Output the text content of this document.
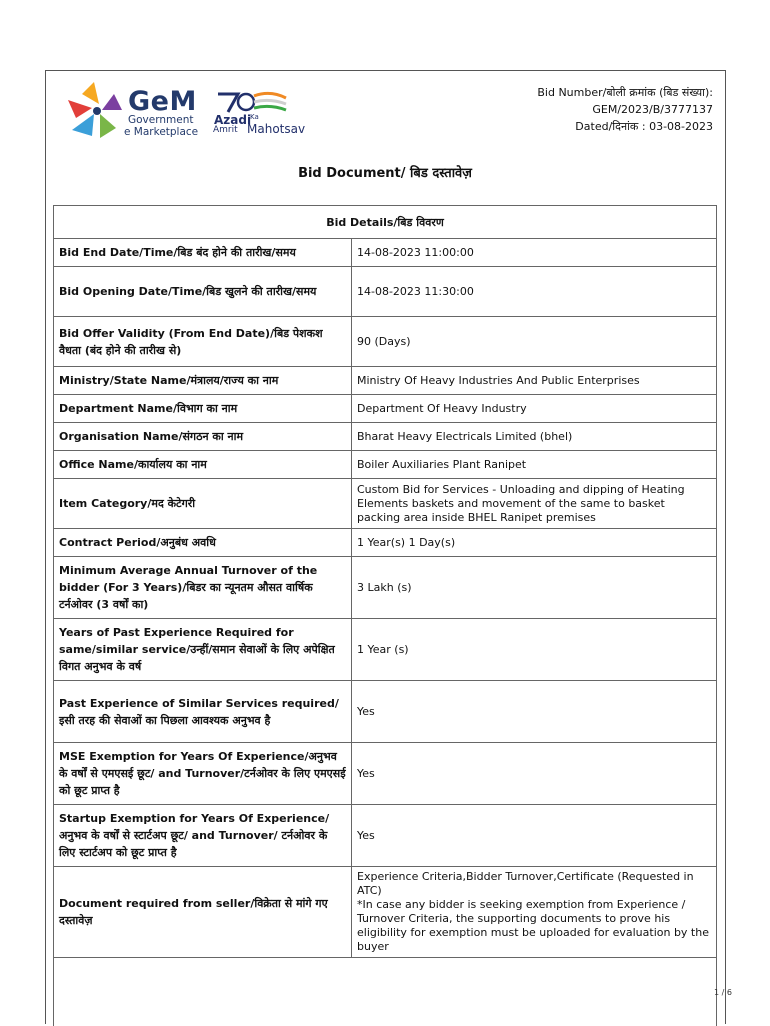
GeM
Government
e Marketplace
Azadi
Ka
Amrit Mahotsav
Bid Number/बोली क्रमांक (बिड संख्या):
GEM/2023/B/3777137
Dated/दिनांक : 03-08-2023
Bid Document/ बिड दस्तावेज़
Bid Details/बिड विवरण	
Bid End Date/Time/बिड बंद होने की तारीख/समय	14-08-2023 11:00:00
Bid Opening Date/Time/बिड खुलने की तारीख/समय	14-08-2023 11:30:00
Bid Offer Validity (From End Date)/बिड पेशकश वैधता (बंद होने की तारीख से)	90 (Days)
Ministry/State Name/मंत्रालय/राज्य का नाम	Ministry Of Heavy Industries And Public Enterprises
Department Name/विभाग का नाम	Department Of Heavy Industry
Organisation Name/संगठन का नाम	Bharat Heavy Electricals Limited (bhel)
Office Name/कार्यालय का नाम	Boiler Auxiliaries Plant Ranipet
Item Category/मद केटेगरी	Custom Bid for Services - Unloading and dipping of Heating Elements baskets and movement of the same to basket packing area inside BHEL Ranipet premises
Contract Period/अनुबंध अवधि	1 Year(s) 1 Day(s)
Minimum Average Annual Turnover of the bidder (For 3 Years)/बिडर का न्यूनतम औसत वार्षिक टर्नओवर (3 वर्षों का)	3 Lakh (s)
Years of Past Experience Required for same/similar service/उन्हीं/समान सेवाओं के लिए अपेक्षित विगत अनुभव के वर्ष	1 Year (s)
Past Experience of Similar Services required/इसी तरह की सेवाओं का पिछला आवश्यक अनुभव है	Yes
MSE Exemption for Years Of Experience/अनुभव के वर्षों से एमएसई छूट/ and Turnover/टर्नओवर के लिए एमएसई को छूट प्राप्त है	Yes
Startup Exemption for Years Of Experience/अनुभव के वर्षों से स्टार्टअप छूट/ and Turnover/ टर्नओवर के लिए स्टार्टअप को छूट प्राप्त है	Yes
Document required from seller/विक्रेता से मांगे गए दस्तावेज़	Experience Criteria,Bidder Turnover,Certificate (Requested in ATC)
*In case any bidder is seeking exemption from Experience / Turnover Criteria, the supporting documents to prove his eligibility for exemption must be uploaded for evaluation by the buyer
1 / 6
